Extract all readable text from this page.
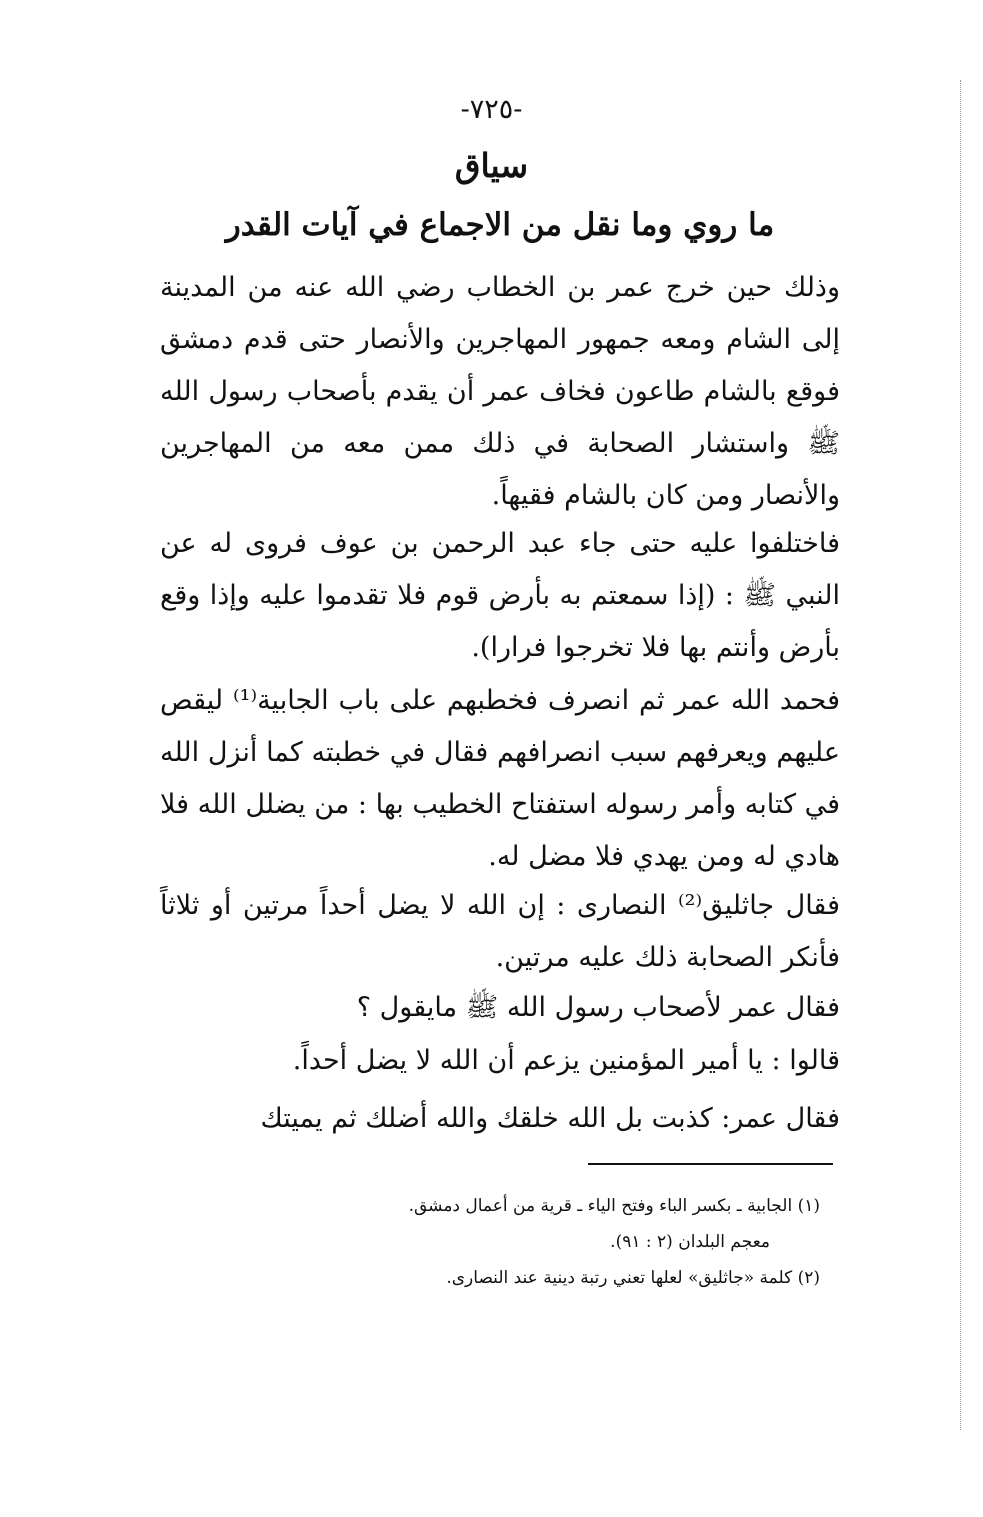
-٧٢٥-
سياق
ما روي وما نقل من الاجماع في آيات القدر
وذلك حين خرج عمر بن الخطاب رضي الله عنه من المدينة إلى الشام ومعه جمهور المهاجرين والأنصار حتى قدم دمشق فوقع بالشام طاعون فخاف عمر أن يقدم بأصحاب رسول الله ﷺ واستشار الصحابة في ذلك ممن معه من المهاجرين والأنصار ومن كان بالشام فقيهاً.
فاختلفوا عليه حتى جاء عبد الرحمن بن عوف فروى له عن النبي ﷺ : (إذا سمعتم به بأرض قوم فلا تقدموا عليه وإذا وقع بأرض وأنتم بها فلا تخرجوا فرارا).
فحمد الله عمر ثم انصرف فخطبهم على باب الجابية⁽¹⁾ ليقص عليهم ويعرفهم سبب انصرافهم فقال في خطبته كما أنزل الله في كتابه وأمر رسوله استفتاح الخطيب بها : من يضلل الله فلا هادي له ومن يهدي فلا مضل له.
فقال جاثليق⁽²⁾ النصارى : إن الله لا يضل أحداً مرتين أو ثلاثاً فأنكر الصحابة ذلك عليه مرتين.
فقال عمر لأصحاب رسول الله ﷺ مايقول ؟
قالوا : يا أمير المؤمنين يزعم أن الله لا يضل أحداً.
فقال عمر: كذبت بل الله خلقك والله أضلك ثم يميتك
(١) الجابية ـ بكسر الباء وفتح الياء ـ قرية من أعمال دمشق.
معجم البلدان (٢ : ٩١).
(٢) كلمة «جاثليق» لعلها تعني رتبة دينية عند النصارى.
